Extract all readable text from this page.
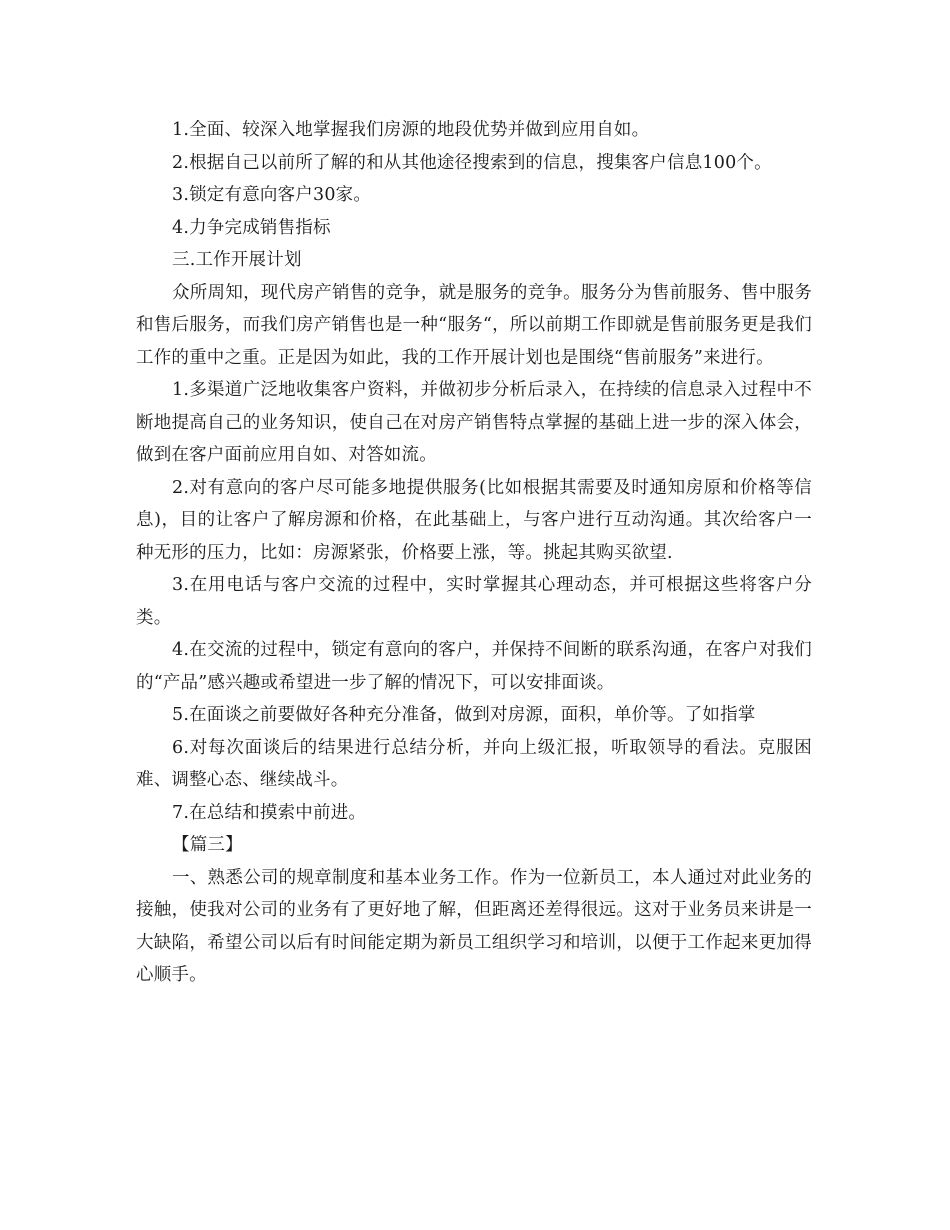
1.全面、较深入地掌握我们房源的地段优势并做到应用自如。

2.根据自己以前所了解的和从其他途径搜索到的信息，搜集客户信息100个。

3.锁定有意向客户30家。

4.力争完成销售指标

三.工作开展计划

众所周知，现代房产销售的竞争，就是服务的竞争。服务分为售前服务、售中服务和售后服务，而我们房产销售也是一种“服务“，所以前期工作即就是售前服务更是我们工作的重中之重。正是因为如此，我的工作开展计划也是围绕“售前服务”来进行。

1.多渠道广泛地收集客户资料，并做初步分析后录入，在持续的信息录入过程中不断地提高自己的业务知识，使自己在对房产销售特点掌握的基础上进一步的深入体会，做到在客户面前应用自如、对答如流。

2.对有意向的客户尽可能多地提供服务(比如根据其需要及时通知房原和价格等信息)，目的让客户了解房源和价格，在此基础上，与客户进行互动沟通。其次给客户一种无形的压力，比如：房源紧张，价格要上涨，等。挑起其购买欲望.

3.在用电话与客户交流的过程中，实时掌握其心理动态，并可根据这些将客户分类。

4.在交流的过程中，锁定有意向的客户，并保持不间断的联系沟通，在客户对我们的“产品”感兴趣或希望进一步了解的情况下，可以安排面谈。

5.在面谈之前要做好各种充分准备，做到对房源，面积，单价等。了如指掌

6.对每次面谈后的结果进行总结分析，并向上级汇报，听取领导的看法。克服困难、调整心态、继续战斗。

7.在总结和摸索中前进。

【篇三】

一、熟悉公司的规章制度和基本业务工作。作为一位新员工，本人通过对此业务的接触，使我对公司的业务有了更好地了解，但距离还差得很远。这对于业务员来讲是一大缺陷，希望公司以后有时间能定期为新员工组织学习和培训，以便于工作起来更加得心顺手。
